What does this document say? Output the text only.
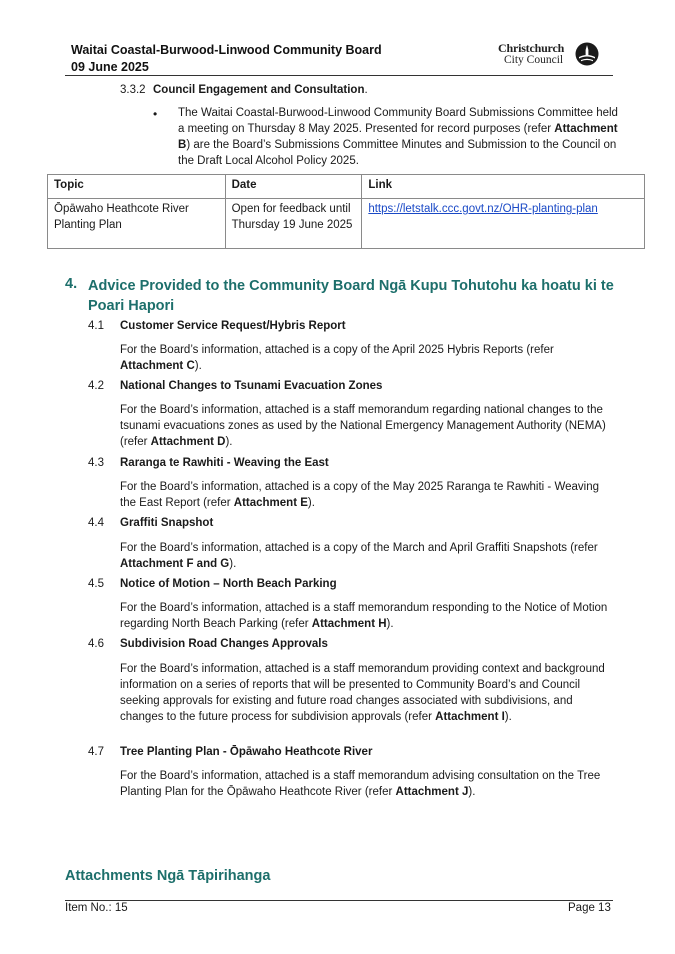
Waitai Coastal-Burwood-Linwood Community Board
09 June 2025
Christchurch
City Council
3.3.2 Council Engagement and Consultation.
• The Waitai Coastal-Burwood-Linwood Community Board Submissions Committee held a meeting on Thursday 8 May 2025. Presented for record purposes (refer Attachment B) are the Board’s Submissions Committee Minutes and Submission to the Council on the Draft Local Alcohol Policy 2025.
Topic	Date	Link
Ōpāwaho Heathcote River Planting Plan	Open for feedback until Thursday 19 June 2025	https://letstalk.ccc.govt.nz/OHR-planting-plan
4. Advice Provided to the Community Board Ngā Kupu Tohutohu ka hoatu ki te Poari Hapori
4.1 Customer Service Request/Hybris Report
For the Board’s information, attached is a copy of the April 2025 Hybris Reports (refer Attachment C).
4.2 National Changes to Tsunami Evacuation Zones
For the Board’s information, attached is a staff memorandum regarding national changes to the tsunami evacuations zones as used by the National Emergency Management Authority (NEMA) (refer Attachment D).
4.3 Raranga te Rawhiti - Weaving the East
For the Board’s information, attached is a copy of the May 2025 Raranga te Rawhiti - Weaving the East Report (refer Attachment E).
4.4 Graffiti Snapshot
For the Board’s information, attached is a copy of the March and April Graffiti Snapshots (refer Attachment F and G).
4.5 Notice of Motion – North Beach Parking
For the Board’s information, attached is a staff memorandum responding to the Notice of Motion regarding North Beach Parking (refer Attachment H).
4.6 Subdivision Road Changes Approvals
For the Board’s information, attached is a staff memorandum providing context and background information on a series of reports that will be presented to Community Board’s and Council seeking approvals for existing and future road changes associated with subdivisions, and changes to the future process for subdivision approvals (refer Attachment I).
4.7 Tree Planting Plan - Ōpāwaho Heathcote River
For the Board’s information, attached is a staff memorandum advising consultation on the Tree Planting Plan for the Ōpāwaho Heathcote River (refer Attachment J).
Attachments Ngā Tāpirihanga
Item No.: 15	Page 13
